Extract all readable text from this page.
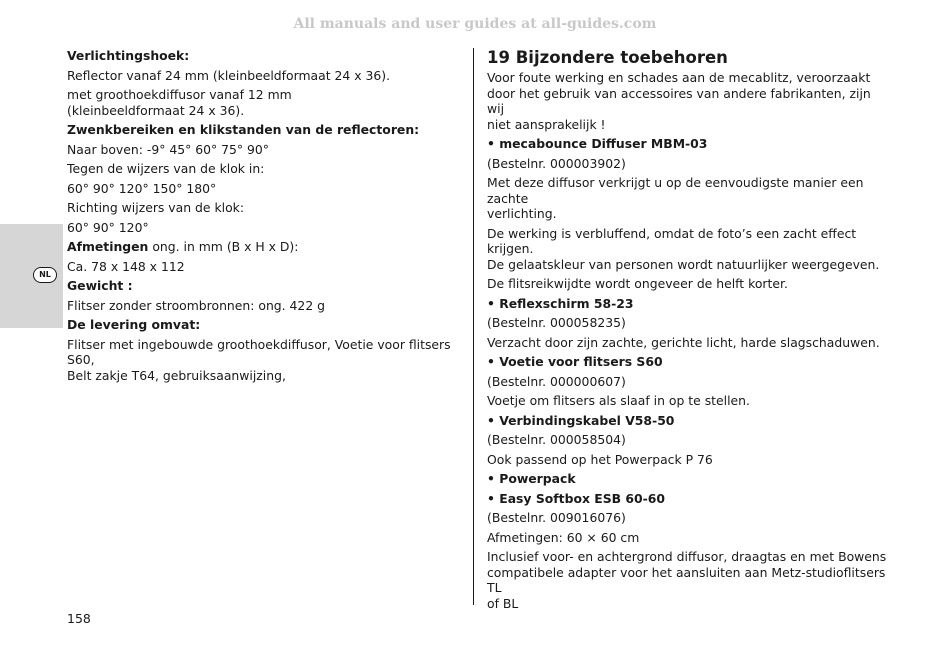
All manuals and user guides at all-guides.com
NL
Verlichtingshoek:
Reflector vanaf 24 mm (kleinbeeldformaat 24 x 36).
met groothoekdiffusor vanaf 12 mm
(kleinbeeldformaat 24 x 36).
Zwenkbereiken en klikstanden van de reflectoren:
Naar boven: -9° 45° 60° 75° 90°
Tegen de wijzers van de klok in:
60° 90° 120° 150° 180°
Richting wijzers van de klok:
60° 90° 120°
Afmetingen ong. in mm (B x H x D):
Ca. 78 x 148 x 112
Gewicht :
Flitser zonder stroombronnen: ong. 422 g
De levering omvat:
Flitser met ingebouwde groothoekdiffusor, Voetie voor flitsers S60,
Belt zakje T64, gebruiksaanwijzing,
19 Bijzondere toebehoren
Voor foute werking en schades aan de mecablitz, veroorzaakt
door het gebruik van accessoires van andere fabrikanten, zijn wij
niet aansprakelijk !
• mecabounce Diffuser MBM-03
(Bestelnr. 000003902)
Met deze diffusor verkrijgt u op de eenvoudigste manier een zachte
verlichting.
De werking is verbluffend, omdat de foto’s een zacht effect krijgen.
De gelaatskleur van personen wordt natuurlijker weergegeven.
De flitsreikwijdte wordt ongeveer de helft korter.
• Reflexschirm 58-23
(Bestelnr. 000058235)
Verzacht door zijn zachte, gerichte licht, harde slagschaduwen.
• Voetie voor flitsers S60
(Bestelnr. 000000607)
Voetje om flitsers als slaaf in op te stellen.
• Verbindingskabel V58-50
(Bestelnr. 000058504)
Ook passend op het Powerpack P 76
• Powerpack
• Easy Softbox ESB 60-60
(Bestelnr. 009016076)
Afmetingen: 60 × 60 cm
Inclusief voor- en achtergrond diffusor, draagtas en met Bowens
compatibele adapter voor het aansluiten aan Metz-studioflitsers TL
of BL
158
